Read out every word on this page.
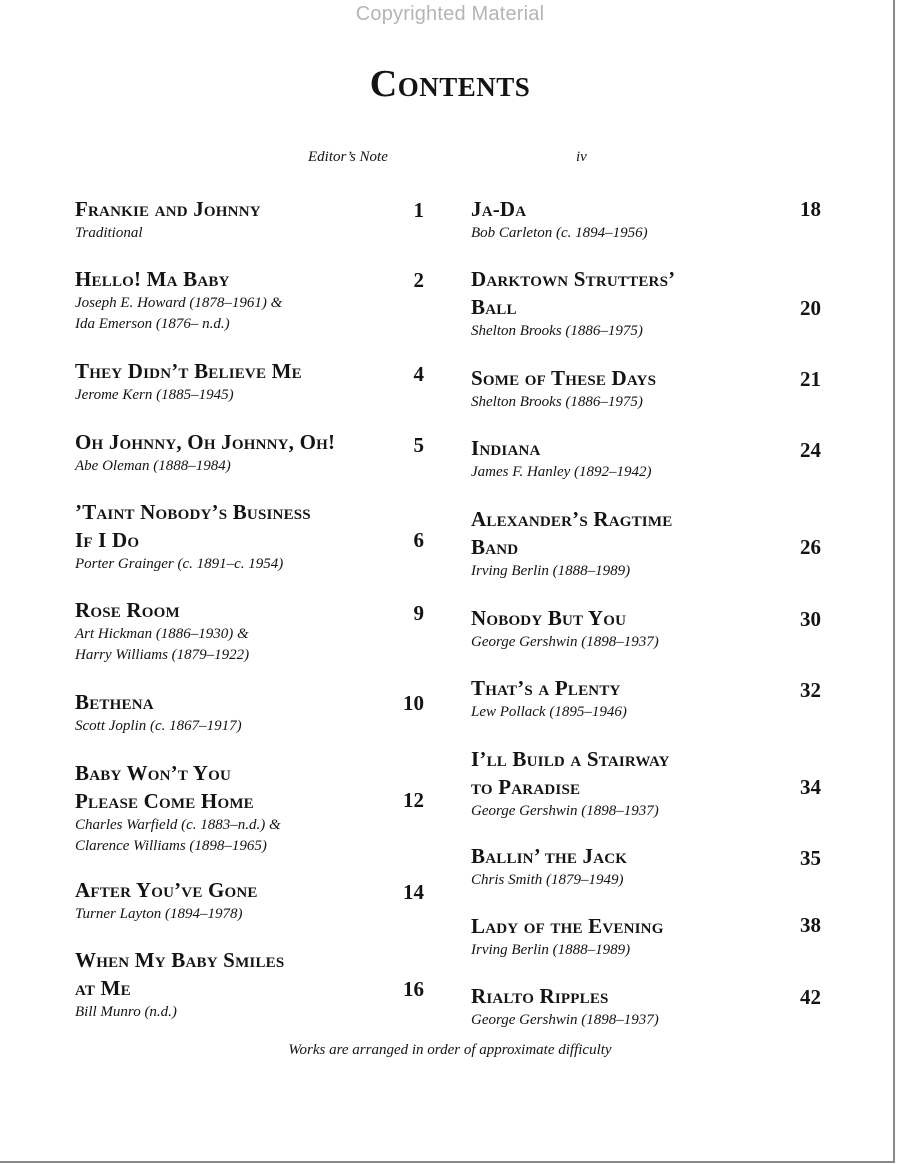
Copyrighted Material
Contents
Editor’s Note	iv
Frankie and Johnny
Traditional
1
Hello! Ma Baby
Joseph E. Howard (1878–1961) &
Ida Emerson (1876– n.d.)
2
They Didn’t Believe Me
Jerome Kern (1885–1945)
4
Oh Johnny, Oh Johnny, Oh!
Abe Oleman (1888–1984)
5
’Taint Nobody’s Business
If I Do
Porter Grainger (c. 1891–c. 1954)
6
Rose Room
Art Hickman (1886–1930) &
Harry Williams (1879–1922)
9
Bethena
Scott Joplin (c. 1867–1917)
10
Baby Won’t You
Please Come Home
Charles Warfield (c. 1883–n.d.) &
Clarence Williams (1898–1965)
12
After You’ve Gone
Turner Layton (1894–1978)
14
When My Baby Smiles
at Me
Bill Munro (n.d.)
16
Ja-Da
Bob Carleton (c. 1894–1956)
18
Darktown Strutters’
Ball
Shelton Brooks (1886–1975)
20
Some of These Days
Shelton Brooks (1886–1975)
21
Indiana
James F. Hanley (1892–1942)
24
Alexander’s Ragtime
Band
Irving Berlin (1888–1989)
26
Nobody But You
George Gershwin (1898–1937)
30
That’s a Plenty
Lew Pollack (1895–1946)
32
I’ll Build a Stairway
to Paradise
George Gershwin (1898–1937)
34
Ballin’ the Jack
Chris Smith (1879–1949)
35
Lady of the Evening
Irving Berlin (1888–1989)
38
Rialto Ripples
George Gershwin (1898–1937)
42
Works are arranged in order of approximate difficulty
